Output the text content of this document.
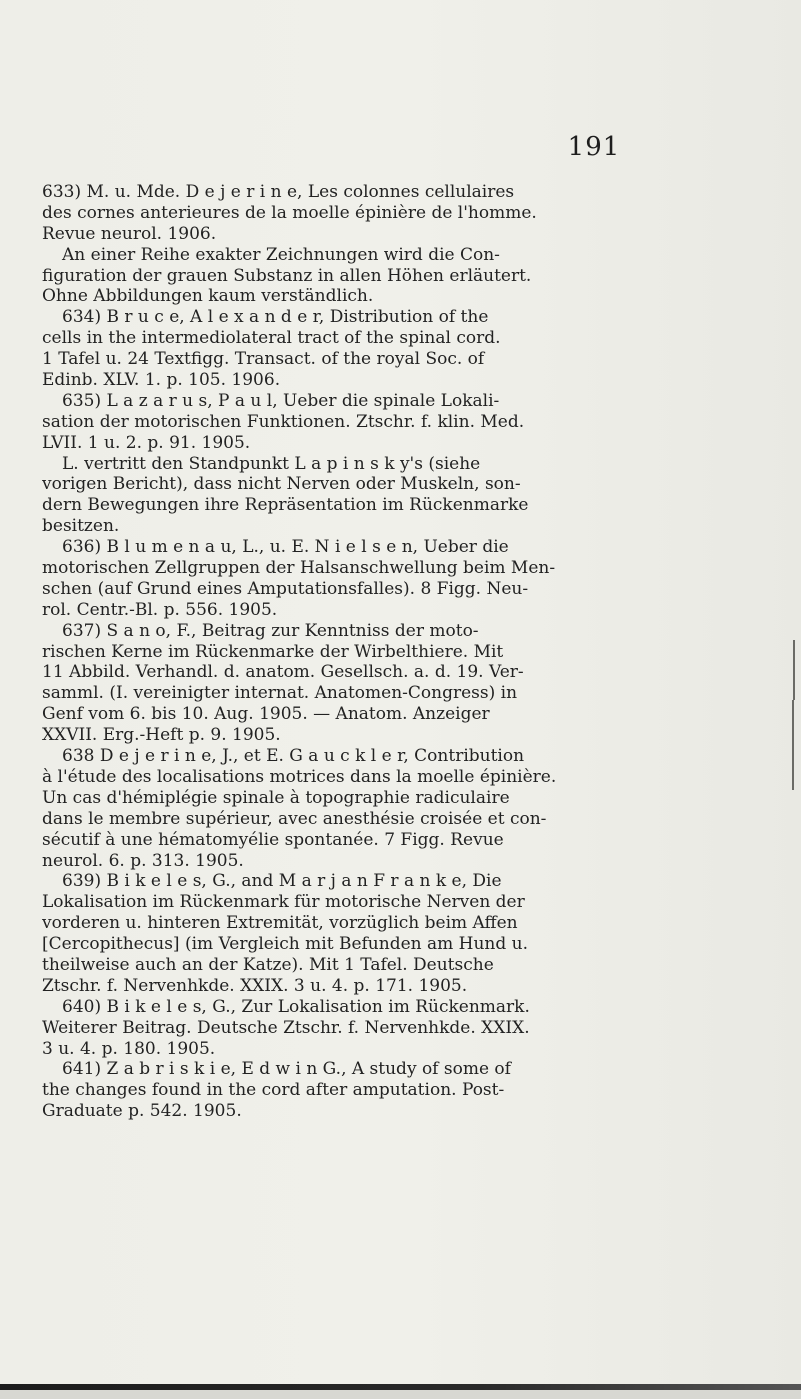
191
633) M. u. Mde. D e j e r i n e, Les colonnes cellulaires
des cornes anterieures de la moelle épinière de l'homme.
Revue neurol. 1906.
An einer Reihe exakter Zeichnungen wird die Con-
figuration der grauen Substanz in allen Höhen erläutert.
Ohne Abbildungen kaum verständlich.
634) B r u c e, A l e x a n d e r, Distribution of the
cells in the intermediolateral tract of the spinal cord.
1 Tafel u. 24 Textfigg. Transact. of the royal Soc. of
Edinb. XLV. 1. p. 105. 1906.
635) L a z a r u s, P a u l, Ueber die spinale Lokali-
sation der motorischen Funktionen. Ztschr. f. klin. Med.
LVII. 1 u. 2. p. 91. 1905.
L. vertritt den Standpunkt L a p i n s k y's (siehe
vorigen Bericht), dass nicht Nerven oder Muskeln, son-
dern Bewegungen ihre Repräsentation im Rückenmarke
besitzen.
636) B l u m e n a u, L., u. E. N i e l s e n, Ueber die
motorischen Zellgruppen der Halsanschwellung beim Men-
schen (auf Grund eines Amputationsfalles). 8 Figg. Neu-
rol. Centr.-Bl. p. 556. 1905.
637) S a n o, F., Beitrag zur Kenntniss der moto-
rischen Kerne im Rückenmarke der Wirbelthiere. Mit
11 Abbild. Verhandl. d. anatom. Gesellsch. a. d. 19. Ver-
samml. (I. vereinigter internat. Anatomen-Congress) in
Genf vom 6. bis 10. Aug. 1905. — Anatom. Anzeiger
XXVII. Erg.-Heft p. 9. 1905.
638 D e j e r i n e, J., et E. G a u c k l e r, Contribution
à l'étude des localisations motrices dans la moelle épinière.
Un cas d'hémiplégie spinale à topographie radiculaire
dans le membre supérieur, avec anesthésie croisée et con-
sécutif à une hématomyélie spontanée. 7 Figg. Revue
neurol. 6. p. 313. 1905.
639) B i k e l e s, G., and M a r j a n F r a n k e, Die
Lokalisation im Rückenmark für motorische Nerven der
vorderen u. hinteren Extremität, vorzüglich beim Affen
[Cercopithecus] (im Vergleich mit Befunden am Hund u.
theilweise auch an der Katze). Mit 1 Tafel. Deutsche
Ztschr. f. Nervenhkde. XXIX. 3 u. 4. p. 171. 1905.
640) B i k e l e s, G., Zur Lokalisation im Rückenmark.
Weiterer Beitrag. Deutsche Ztschr. f. Nervenhkde. XXIX.
3 u. 4. p. 180. 1905.
641) Z a b r i s k i e, E d w i n G., A study of some of
the changes found in the cord after amputation. Post-
Graduate p. 542. 1905.
